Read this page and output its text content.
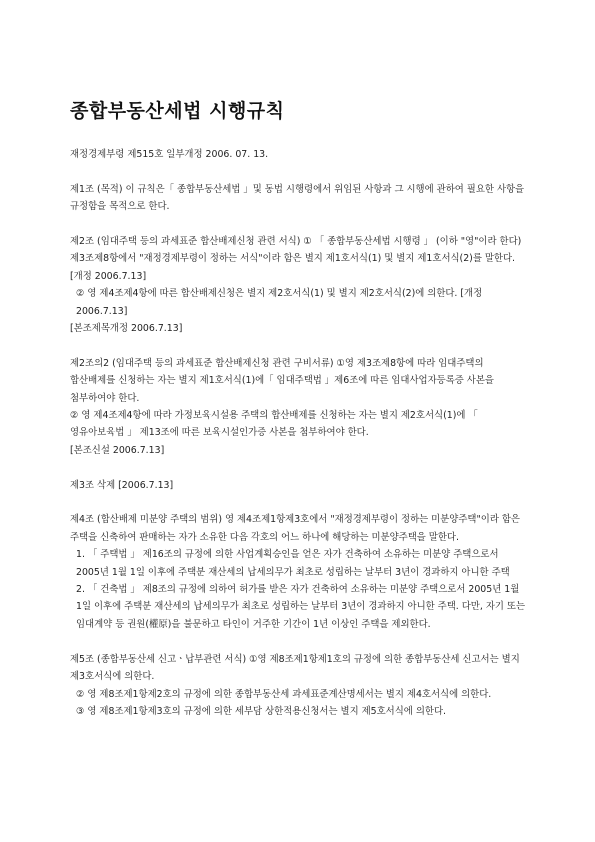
종합부동산세법 시행규칙

재정경제부령 제515호 일부개정 2006. 07. 13.

제1조 (목적) 이 규칙은「 종합부동산세법 」및 동법 시행령에서 위임된 사항과 그 시행에 관하여 필요한 사항을 규정함을 목적으로 한다.

제2조 (임대주택 등의 과세표준 합산배제신청 관련 서식) ① 「 종합부동산세법 시행령 」 (이하 "영"이라 한다) 제3조제8항에서 "재정경제부령이 정하는 서식"이라 함은 별지 제1호서식(1) 및 별지 제1호서식(2)를 말한다. [개정 2006.7.13]

② 영 제4조제4항에 따른 합산배제신청은 별지 제2호서식(1) 및 별지 제2호서식(2)에 의한다. [개정 2006.7.13]

[본조제목개정 2006.7.13]

제2조의2 (임대주택 등의 과세표준 합산배제신청 관련 구비서류) ①영 제3조제8항에 따라 임대주택의 합산배제를 신청하는 자는 별지 제1호서식(1)에「 임대주택법 」제6조에 따른 임대사업자등록증 사본을 첨부하여야 한다.

② 영 제4조제4항에 따라 가정보육시설용 주택의 합산배제를 신청하는 자는 별지 제2호서식(1)에 「 영유아보육법 」 제13조에 따른 보육시설인가증 사본을 첨부하여야 한다.

[본조신설 2006.7.13]

제3조 삭제 [2006.7.13]

제4조 (합산배제 미분양 주택의 범위) 영 제4조제1항제3호에서 "재정경제부령이 정하는 미분양주택"이라 함은 주택을 신축하여 판매하는 자가 소유한 다음 각호의 어느 하나에 해당하는 미분양주택을 말한다.

1. 「 주택법 」 제16조의 규정에 의한 사업계획승인을 얻은 자가 건축하여 소유하는 미분양 주택으로서 2005년 1월 1일 이후에 주택분 재산세의 납세의무가 최초로 성립하는 날부터 3년이 경과하지 아니한 주택

2. 「 건축법 」 제8조의 규정에 의하여 허가를 받은 자가 건축하여 소유하는 미분양 주택으로서 2005년 1월 1일 이후에 주택분 재산세의 납세의무가 최초로 성립하는 날부터 3년이 경과하지 아니한 주택. 다만, 자기 또는 임대계약 등 권원(權原)을 불문하고 타인이 거주한 기간이 1년 이상인 주택을 제외한다.

제5조 (종합부동산세 신고ㆍ납부관련 서식) ①영 제8조제1항제1호의 규정에 의한 종합부동산세 신고서는 별지 제3호서식에 의한다.

② 영 제8조제1항제2호의 규정에 의한 종합부동산세 과세표준계산명세서는 별지 제4호서식에 의한다.

③ 영 제8조제1항제3호의 규정에 의한 세부담 상한적용신청서는 별지 제5호서식에 의한다.
